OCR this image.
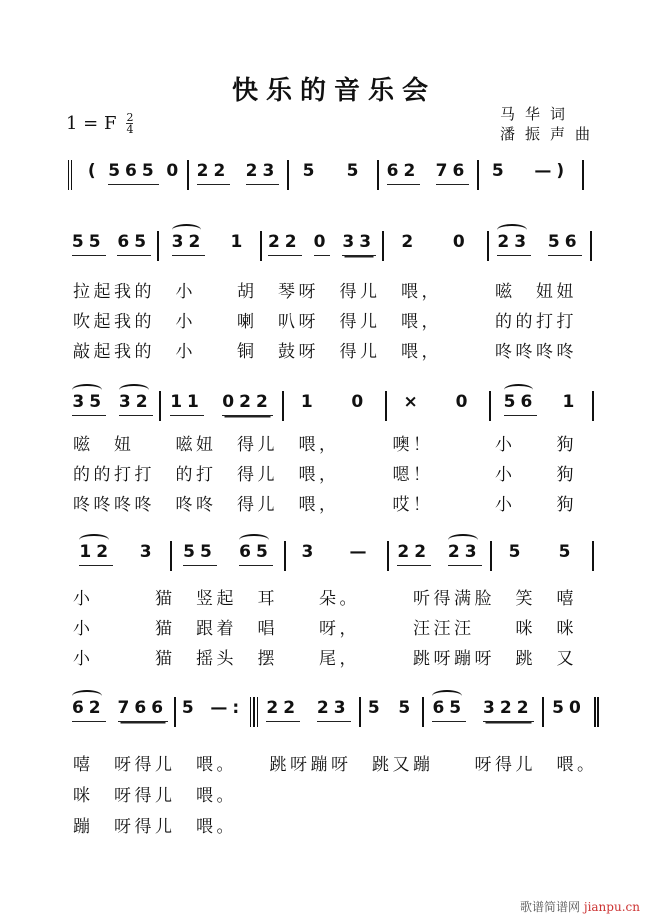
快乐的音乐会
1 = F $\frac{2}{4}$	马华词
潘振声曲
( 565 0 22 23 5 5 62 76 5 —)
55 65 32 1 22 0 33 2 0 23 56
35 32 11 022 1 0 × 0 56 1
12 3 55 65 3 — 22 23 5 5
62 766 5 —: 22 23 5 5 65 322 50
拉起我的　小　　胡　琴呀　得儿　喂，　　　嗞　妞妞
吹起我的　小　　喇　叭呀　得儿　喂，　　　的的打打
敲起我的　小　　铜　鼓呀　得儿　喂，　　　咚咚咚咚
嗞　妞　　嗞妞　得儿　喂，　　　噢！　　　小　　狗
的的打打　的打　得儿　喂，　　　嗯！　　　小　　狗
咚咚咚咚　咚咚　得儿　喂，　　　哎！　　　小　　狗
小　　　猫　竖起　耳　　朵。　　　听得满脸　笑　嘻
小　　　猫　跟着　唱　　呀，　　　汪汪汪　　咪　咪
小　　　猫　摇头　摆　　尾，　　　跳呀蹦呀　跳　又
嘻　呀得儿　喂。　　跳呀蹦呀　跳又蹦　　呀得儿　喂。
咪　呀得儿　喂。
蹦　呀得儿　喂。
歌谱简谱网 jianpu.cn
